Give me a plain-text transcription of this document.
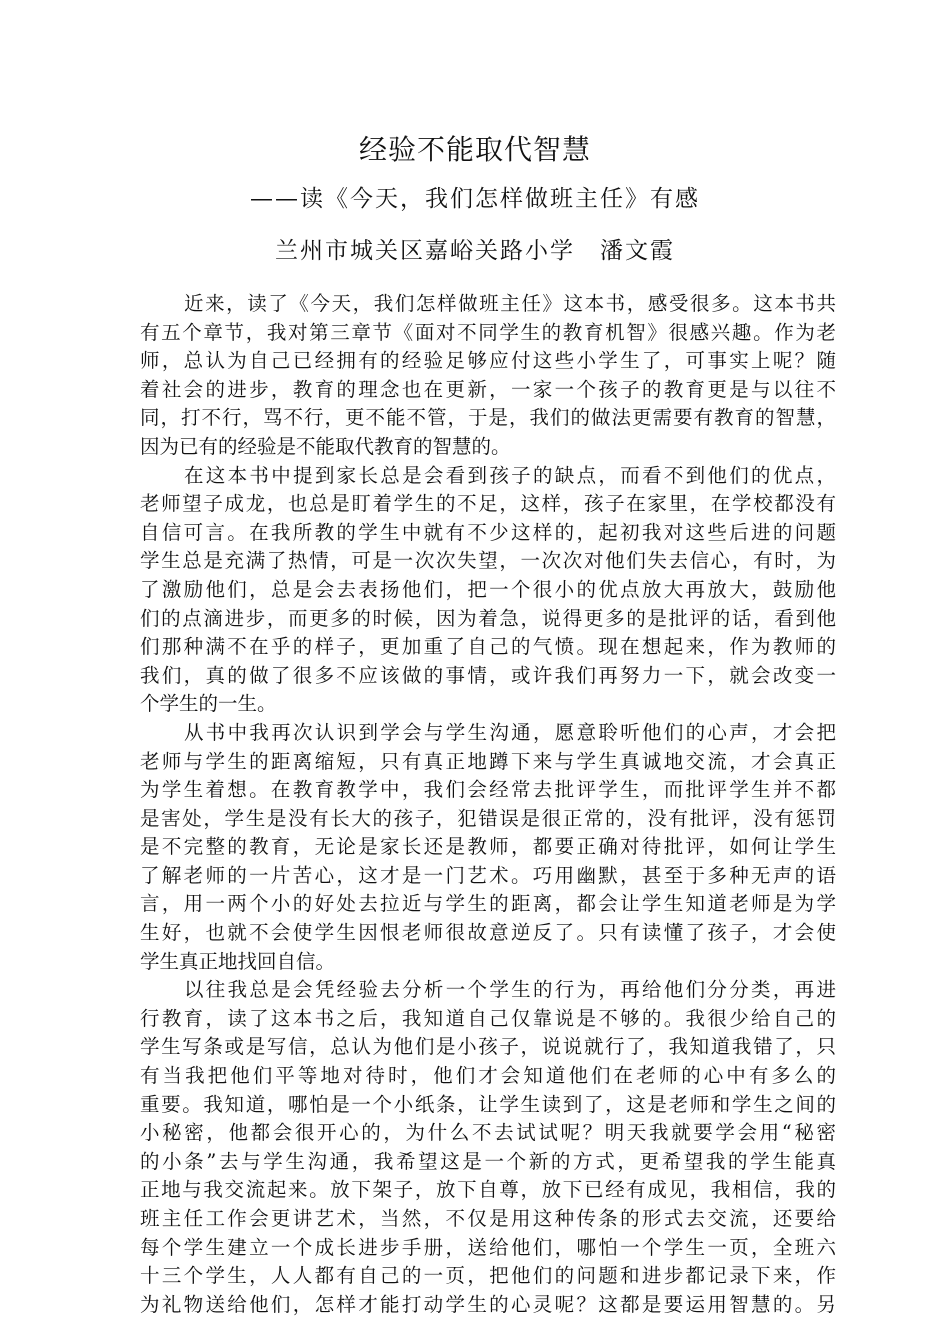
经验不能取代智慧
——读《今天，我们怎样做班主任》有感
兰州市城关区嘉峪关路小学　潘文霞
近来，读了《今天，我们怎样做班主任》这本书，感受很多。这本书共
有五个章节，我对第三章节《面对不同学生的教育机智》很感兴趣。作为老
师，总认为自己已经拥有的经验足够应付这些小学生了，可事实上呢？随
着社会的进步，教育的理念也在更新，一家一个孩子的教育更是与以往不
同，打不行，骂不行，更不能不管，于是，我们的做法更需要有教育的智慧，
因为已有的经验是不能取代教育的智慧的。
在这本书中提到家长总是会看到孩子的缺点，而看不到他们的优点，
老师望子成龙，也总是盯着学生的不足，这样，孩子在家里，在学校都没有
自信可言。在我所教的学生中就有不少这样的，起初我对这些后进的问题
学生总是充满了热情，可是一次次失望，一次次对他们失去信心，有时，为
了激励他们，总是会去表扬他们，把一个很小的优点放大再放大，鼓励他
们的点滴进步，而更多的时候，因为着急，说得更多的是批评的话，看到他
们那种满不在乎的样子，更加重了自己的气愤。现在想起来，作为教师的
我们，真的做了很多不应该做的事情，或许我们再努力一下，就会改变一
个学生的一生。
从书中我再次认识到学会与学生沟通，愿意聆听他们的心声，才会把
老师与学生的距离缩短，只有真正地蹲下来与学生真诚地交流，才会真正
为学生着想。在教育教学中，我们会经常去批评学生，而批评学生并不都
是害处，学生是没有长大的孩子，犯错误是很正常的，没有批评，没有惩罚
是不完整的教育，无论是家长还是教师，都要正确对待批评，如何让学生
了解老师的一片苦心，这才是一门艺术。巧用幽默，甚至于多种无声的语
言，用一两个小的好处去拉近与学生的距离，都会让学生知道老师是为学
生好，也就不会使学生因恨老师很故意逆反了。只有读懂了孩子，才会使
学生真正地找回自信。
以往我总是会凭经验去分析一个学生的行为，再给他们分分类，再进
行教育，读了这本书之后，我知道自己仅靠说是不够的。我很少给自己的
学生写条或是写信，总认为他们是小孩子，说说就行了，我知道我错了，只
有当我把他们平等地对待时，他们才会知道他们在老师的心中有多么的
重要。我知道，哪怕是一个小纸条，让学生读到了，这是老师和学生之间的
小秘密，他都会很开心的，为什么不去试试呢？明天我就要学会用“秘密
的小条”去与学生沟通，我希望这是一个新的方式，更希望我的学生能真
正地与我交流起来。放下架子，放下自尊，放下已经有成见，我相信，我的
班主任工作会更讲艺术，当然，不仅是用这种传条的形式去交流，还要给
每个学生建立一个成长进步手册，送给他们，哪怕一个学生一页，全班六
十三个学生，人人都有自己的一页，把他们的问题和进步都记录下来，作
为礼物送给他们，怎样才能打动学生的心灵呢？这都是要运用智慧的。另
